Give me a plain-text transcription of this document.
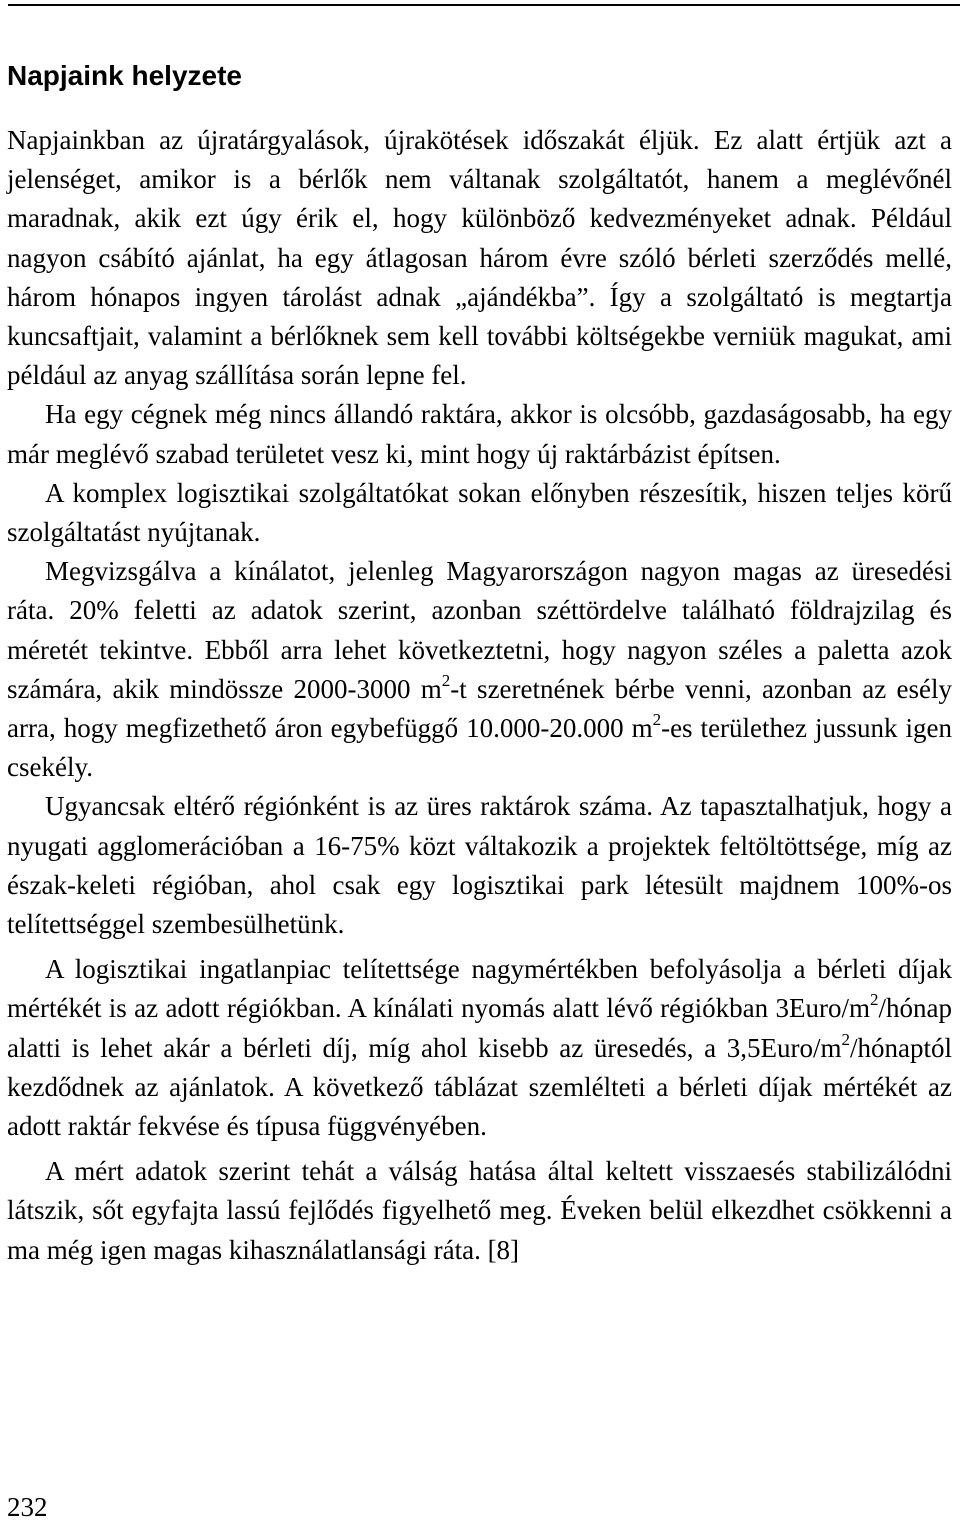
Napjaink helyzete

Napjainkban az újratárgyalások, újrakötések időszakát éljük. Ez alatt értjük azt a jelenséget, amikor is a bérlők nem váltanak szolgáltatót, hanem a meglévőnél maradnak, akik ezt úgy érik el, hogy különböző kedvezményeket adnak. Például nagyon csábító ajánlat, ha egy átlagosan három évre szóló bérleti szerződés mellé, három hónapos ingyen tárolást adnak „ajándékba”. Így a szolgáltató is megtartja kuncsaftjait, valamint a bérlőknek sem kell további költségekbe verniük magukat, ami például az anyag szállítása során lepne fel.

Ha egy cégnek még nincs állandó raktára, akkor is olcsóbb, gazdaságosabb, ha egy már meglévő szabad területet vesz ki, mint hogy új raktárbázist építsen.

A komplex logisztikai szolgáltatókat sokan előnyben részesítik, hiszen teljes körű szolgáltatást nyújtanak.

Megvizsgálva a kínálatot, jelenleg Magyarországon nagyon magas az üresedési ráta. 20% feletti az adatok szerint, azonban széttördelve található földrajzilag és méretét tekintve. Ebből arra lehet következtetni, hogy nagyon széles a paletta azok számára, akik mindössze 2000-3000 $m^2-t$ szeretnének bérbe venni, azonban az esély arra, hogy megfizethető áron egybefüggő 10.000-20.000 $m^2-es$ területhez jussunk igen csekély.

Ugyancsak eltérő régiónként is az üres raktárok száma. Az tapasztalhatjuk, hogy a nyugati agglomerációban a 16-75% közt váltakozik a projektek feltöltöttsége, míg az észak-keleti régióban, ahol csak egy logisztikai park létesült majdnem 100%-os telítettséggel szembesülhetünk.

A logisztikai ingatlanpiac telítettsége nagymértékben befolyásolja a bérleti díjak mértékét is az adott régiókban. A kínálati nyomás alatt lévő régiókban $3Euro/m^2$/hónap alatti is lehet akár a bérleti díj, míg ahol kisebb az üresedés, a $3,5Euro/m^2$/hónaptól kezdődnek az ajánlatok. A következő táblázat szemlélteti a bérleti díjak mértékét az adott raktár fekvése és típusa függvényében.

A mért adatok szerint tehát a válság hatása által keltett visszaesés stabilizálódni látszik, sőt egyfajta lassú fejlődés figyelhető meg. Éveken belül elkezdhet csökkenni a ma még igen magas kihasználatlansági ráta. [8]

232
